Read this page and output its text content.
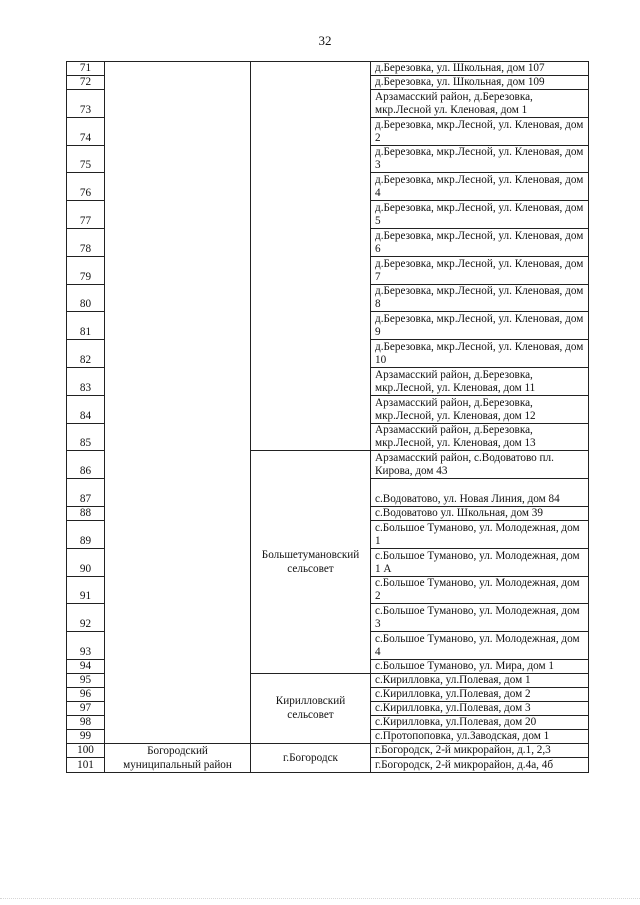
32
71			д.Березовка, ул. Школьная, дом 107
72			д.Березовка, ул. Школьная, дом 109
73			Арзамасский район, д.Березовка, мкр.Лесной ул. Кленовая, дом 1
74			д.Березовка, мкр.Лесной, ул. Кленовая, дом 2
75			д.Березовка, мкр.Лесной, ул. Кленовая, дом 3
76			д.Березовка, мкр.Лесной, ул. Кленовая, дом 4
77			д.Березовка, мкр.Лесной, ул. Кленовая, дом 5
78			д.Березовка, мкр.Лесной, ул. Кленовая, дом 6
79			д.Березовка, мкр.Лесной, ул. Кленовая, дом 7
80			д.Березовка, мкр.Лесной, ул. Кленовая, дом 8
81			д.Березовка, мкр.Лесной, ул. Кленовая, дом 9
82			д.Березовка, мкр.Лесной, ул. Кленовая, дом 10
83			Арзамасский район, д.Березовка, мкр.Лесной, ул. Кленовая, дом 11
84			Арзамасский район, д.Березовка, мкр.Лесной, ул. Кленовая, дом 12
85			Арзамасский район, д.Березовка, мкр.Лесной, ул. Кленовая, дом 13
86		Большетумановский сельсовет	Арзамасский район, с.Водоватово пл. Кирова, дом 43
87			с.Водоватово, ул. Новая Линия, дом 84
88			с.Водоватово ул. Школьная, дом 39
89			с.Большое Туманово, ул. Молодежная, дом 1
90			с.Большое Туманово, ул. Молодежная, дом 1 А
91			с.Большое Туманово, ул. Молодежная, дом 2
92			с.Большое Туманово, ул. Молодежная, дом 3
93			с.Большое Туманово, ул. Молодежная, дом 4
94			с.Большое Туманово, ул. Мира, дом 1
95		Кирилловский сельсовет	с.Кирилловка, ул.Полевая, дом 1
96			с.Кирилловка, ул.Полевая, дом 2
97			с.Кирилловка, ул.Полевая, дом 3
98			с.Кирилловка, ул.Полевая, дом 20
99			с.Протопоповка, ул.Заводская, дом 1
100	Богородский муниципальный район	г.Богородск	г.Богородск, 2-й микрорайон, д.1, 2,3
101			г.Богородск, 2-й микрорайон, д.4а, 4б
